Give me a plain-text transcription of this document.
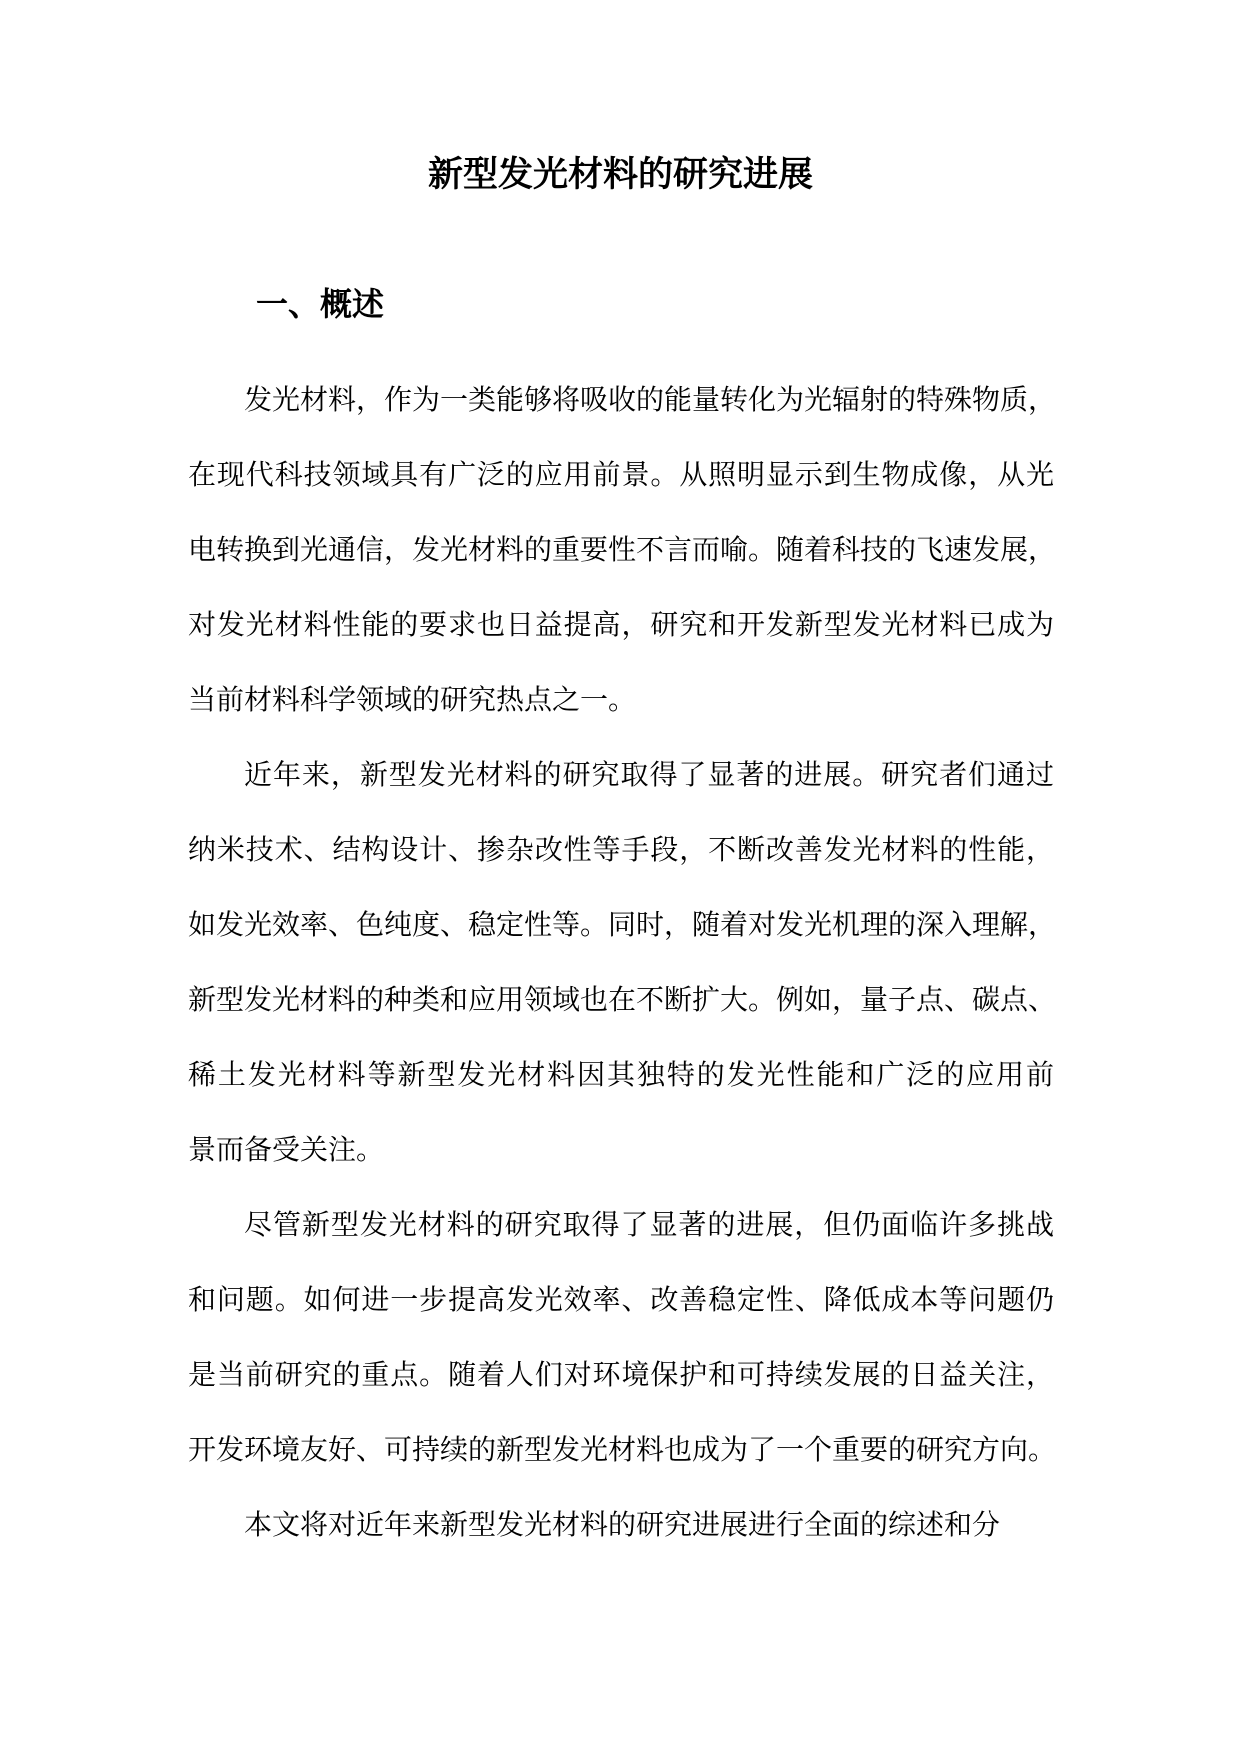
新型发光材料的研究进展
一、概述

发光材料，作为一类能够将吸收的能量转化为光辐射的特殊物质，
在现代科技领域具有广泛的应用前景。从照明显示到生物成像，从光
电转换到光通信，发光材料的重要性不言而喻。随着科技的飞速发展，
对发光材料性能的要求也日益提高，研究和开发新型发光材料已成为
当前材料科学领域的研究热点之一。

近年来，新型发光材料的研究取得了显著的进展。研究者们通过
纳米技术、结构设计、掺杂改性等手段，不断改善发光材料的性能，
如发光效率、色纯度、稳定性等。同时，随着对发光机理的深入理解，
新型发光材料的种类和应用领域也在不断扩大。例如，量子点、碳点、
稀土发光材料等新型发光材料因其独特的发光性能和广泛的应用前
景而备受关注。

尽管新型发光材料的研究取得了显著的进展，但仍面临许多挑战
和问题。如何进一步提高发光效率、改善稳定性、降低成本等问题仍
是当前研究的重点。随着人们对环境保护和可持续发展的日益关注，
开发环境友好、可持续的新型发光材料也成为了一个重要的研究方向。

本文将对近年来新型发光材料的研究进展进行全面的综述和分
